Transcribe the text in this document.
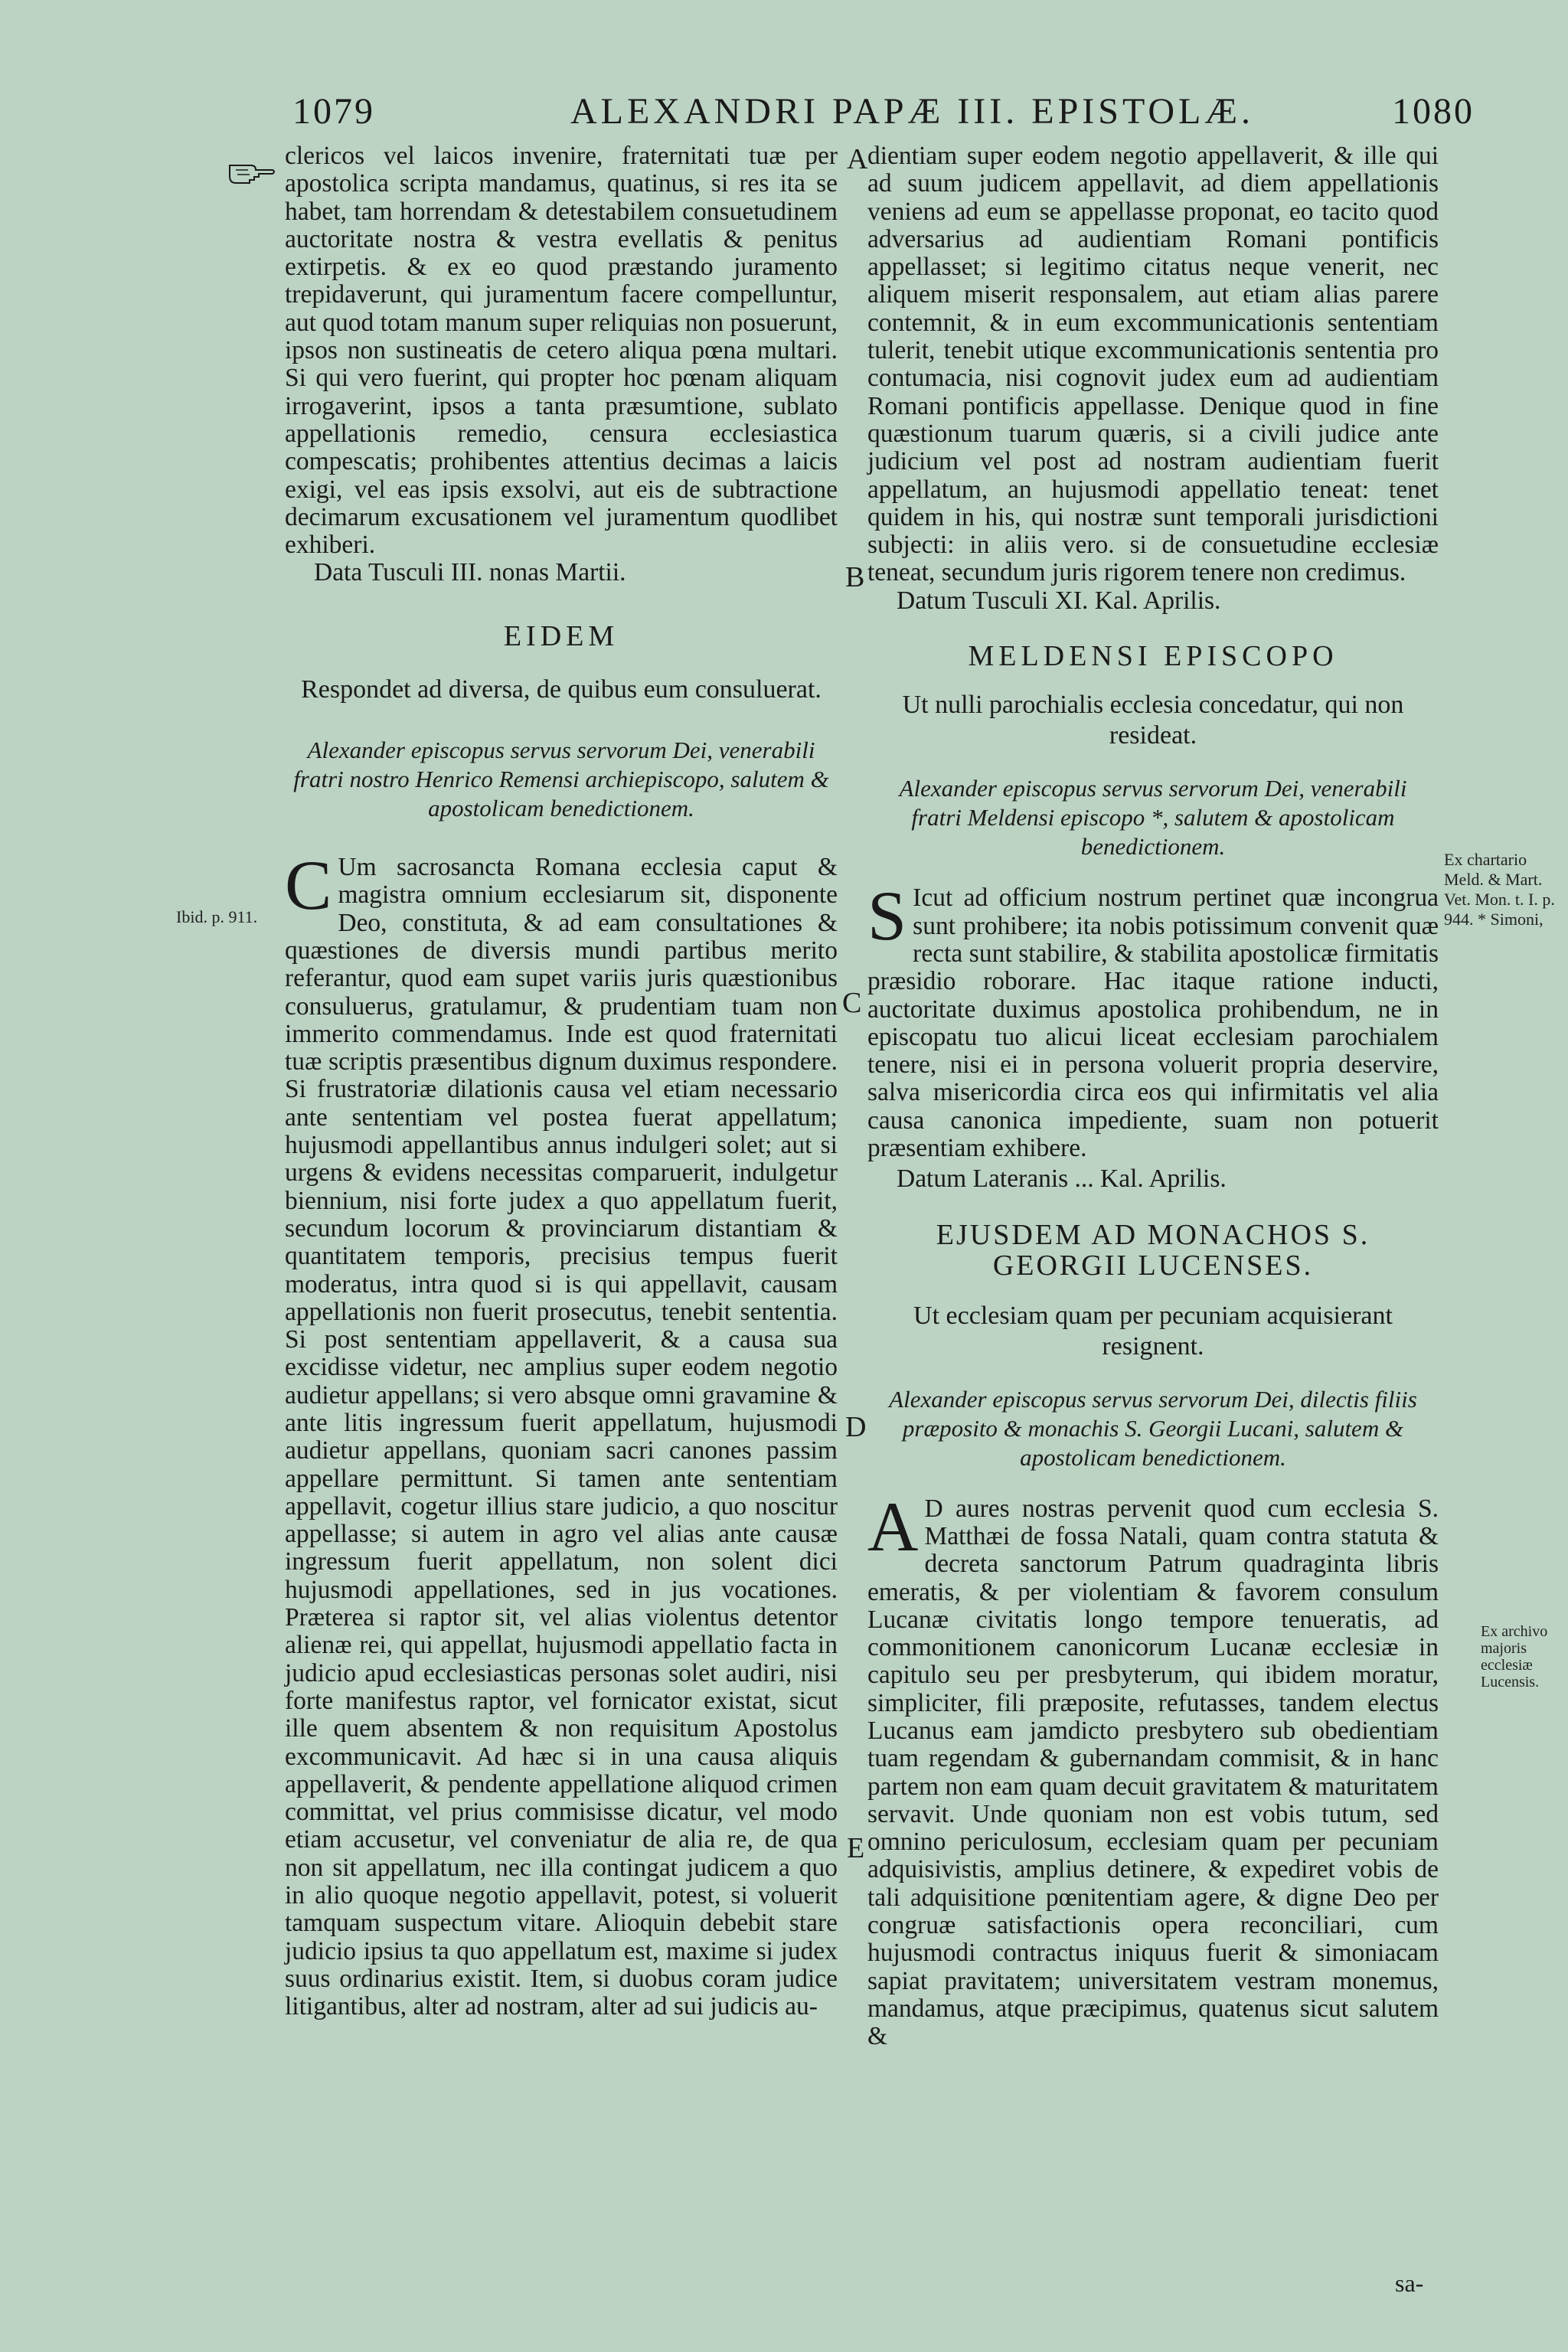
1079	ALEXANDRI PAPÆ III. EPISTOLÆ.	1080
A
B
C
D
E
Ibid. p. 911.
Ex chartario Meld. & Mart. Vet. Mon. t. I. p. 944. * Simoni,
Ex archivo majoris ecclesiæ Lucensis.

clericos vel laicos invenire, fraternitati tuæ per apostolica scripta mandamus, quatinus, si res ita se habet, tam horrendam & detestabilem consuetudinem auctoritate nostra & vestra evellatis & penitus extirpetis. & ex eo quod præstando juramento trepidaverunt, qui juramentum facere compelluntur, aut quod totam manum super reliquias non posuerunt, ipsos non sustineatis de cetero aliqua pœna multari. Si qui vero fuerint, qui propter hoc pœnam aliquam irrogaverint, ipsos a tanta præsumtione, sublato appellationis remedio, censura ecclesiastica compescatis; prohibentes attentius decimas a laicis exigi, vel eas ipsis exsolvi, aut eis de subtractione decimarum excusationem vel juramentum quodlibet exhiberi.

Data Tusculi III. nonas Martii.

EIDEM
Respondet ad diversa, de quibus eum consuluerat.
Alexander episcopus servus servorum Dei, venerabili fratri nostro Henrico Remensi archiepiscopo, salutem & apostolicam benedictionem.
C Um sacrosancta Romana ecclesia caput & magistra omnium ecclesiarum sit, disponente Deo, constituta, & ad eam consultationes & quæstiones de diversis mundi partibus merito referantur, quod eam supet variis juris quæstionibus consuluerus, gratulamur, & prudentiam tuam non immerito commendamus. Inde est quod fraternitati tuæ scriptis præsentibus dignum duximus respondere. Si frustratoriæ dilationis causa vel etiam necessario ante sententiam vel postea fuerat appellatum; hujusmodi appellantibus annus indulgeri solet; aut si urgens & evidens necessitas comparuerit, indulgetur biennium, nisi forte judex a quo appellatum fuerit, secundum locorum & provinciarum distantiam & quantitatem temporis, precisius tempus fuerit moderatus, intra quod si is qui appellavit, causam appellationis non fuerit prosecutus, tenebit sententia. Si post sententiam appellaverit, & a causa sua excidisse videtur, nec amplius super eodem negotio audietur appellans; si vero absque omni gravamine & ante litis ingressum fuerit appellatum, hujusmodi audietur appellans, quoniam sacri canones passim appellare permittunt. Si tamen ante sententiam appellavit, cogetur illius stare judicio, a quo noscitur appellasse; si autem in agro vel alias ante causæ ingressum fuerit appellatum, non solent dici hujusmodi appellationes, sed in jus vocationes. Præterea si raptor sit, vel alias violentus detentor alienæ rei, qui appellat, hujusmodi appellatio facta in judicio apud ecclesiasticas personas solet audiri, nisi forte manifestus raptor, vel fornicator existat, sicut ille quem absentem & non requisitum Apostolus excommunicavit. Ad hæc si in una causa aliquis appellaverit, & pendente appellatione aliquod crimen committat, vel prius commisisse dicatur, vel modo etiam accusetur, vel conveniatur de alia re, de qua non sit appellatum, nec illa contingat judicem a quo in alio quoque negotio appellavit, potest, si voluerit tamquam suspectum vitare. Alioquin debebit stare judicio ipsius ta quo appellatum est, maxime si judex suus ordinarius existit. Item, si duobus coram judice litigantibus, alter ad nostram, alter ad sui judicis au-

dientiam super eodem negotio appellaverit, & ille qui ad suum judicem appellavit, ad diem appellationis veniens ad eum se appellasse proponat, eo tacito quod adversarius ad audientiam Romani pontificis appellasset; si legitimo citatus neque venerit, nec aliquem miserit responsalem, aut etiam alias parere contemnit, & in eum excommunicationis sententiam tulerit, tenebit utique excommunicationis sententia pro contumacia, nisi cognovit judex eum ad audientiam Romani pontificis appellasse. Denique quod in fine quæstionum tuarum quæris, si a civili judice ante judicium vel post ad nostram audientiam fuerit appellatum, an hujusmodi appellatio teneat: tenet quidem in his, qui nostræ sunt temporali jurisdictioni subjecti: in aliis vero. si de consuetudine ecclesiæ teneat, secundum juris rigorem tenere non credimus.

Datum Tusculi XI. Kal. Aprilis.

MELDENSI EPISCOPO
Ut nulli parochialis ecclesia concedatur, qui non resideat.
Alexander episcopus servus servorum Dei, venerabili fratri Meldensi episcopo *, salutem & apostolicam benedictionem.
S Icut ad officium nostrum pertinet quæ incongrua sunt prohibere; ita nobis potissimum convenit quæ recta sunt stabilire, & stabilita apostolicæ firmitatis præsidio roborare. Hac itaque ratione inducti, auctoritate duximus apostolica prohibendum, ne in episcopatu tuo alicui liceat ecclesiam parochialem tenere, nisi ei in persona voluerit propria deservire, salva misericordia circa eos qui infirmitatis vel alia causa canonica impediente, suam non potuerit præsentiam exhibere.

Datum Lateranis ... Kal. Aprilis.

EJUSDEM AD MONACHOS S. GEORGII LUCENSES.
Ut ecclesiam quam per pecuniam acquisierant resignent.
Alexander episcopus servus servorum Dei, dilectis filiis præposito & monachis S. Georgii Lucani, salutem & apostolicam benedictionem.
A D aures nostras pervenit quod cum ecclesia S. Matthæi de fossa Natali, quam contra statuta & decreta sanctorum Patrum quadraginta libris emeratis, & per violentiam & favorem consulum Lucanæ civitatis longo tempore tenueratis, ad commonitionem canonicorum Lucanæ ecclesiæ in capitulo seu per presbyterum, qui ibidem moratur, simpliciter, fili præposite, refutasses, tandem electus Lucanus eam jamdicto presbytero sub obedientiam tuam regendam & gubernandam commisit, & in hanc partem non eam quam decuit gravitatem & maturitatem servavit. Unde quoniam non est vobis tutum, sed omnino periculosum, ecclesiam quam per pecuniam adquisivistis, amplius detinere, & expediret vobis de tali adquisitione pœnitentiam agere, & digne Deo per congruæ satisfactionis opera reconciliari, cum hujusmodi contractus iniquus fuerit & simoniacam sapiat pravitatem; universitatem vestram monemus, mandamus, atque præcipimus, quatenus sicut salutem &
sa-
